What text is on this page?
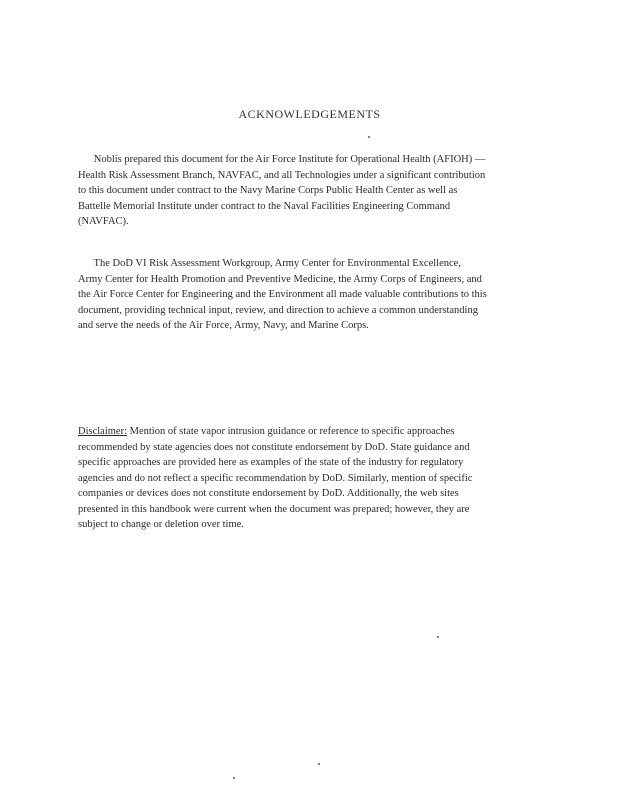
ACKNOWLEDGEMENTS
Noblis prepared this document for the Air Force Institute for Operational Health (AFIOH) —
Health Risk Assessment Branch, NAVFAC, and all Technologies under a significant contribution
to this document under contract to the Navy Marine Corps Public Health Center as well as
Battelle Memorial Institute under contract to the Naval Facilities Engineering Command
(NAVFAC).
The DoD VI Risk Assessment Workgroup, Army Center for Environmental Excellence,
Army Center for Health Promotion and Preventive Medicine, the Army Corps of Engineers, and
the Air Force Center for Engineering and the Environment all made valuable contributions to this
document, providing technical input, review, and direction to achieve a common understanding
and serve the needs of the Air Force, Army, Navy, and Marine Corps.
Disclaimer: Mention of state vapor intrusion guidance or reference to specific approaches
recommended by state agencies does not constitute endorsement by DoD. State guidance and
specific approaches are provided here as examples of the state of the industry for regulatory
agencies and do not reflect a specific recommendation by DoD. Similarly, mention of specific
companies or devices does not constitute endorsement by DoD. Additionally, the web sites
presented in this handbook were current when the document was prepared; however, they are
subject to change or deletion over time.
